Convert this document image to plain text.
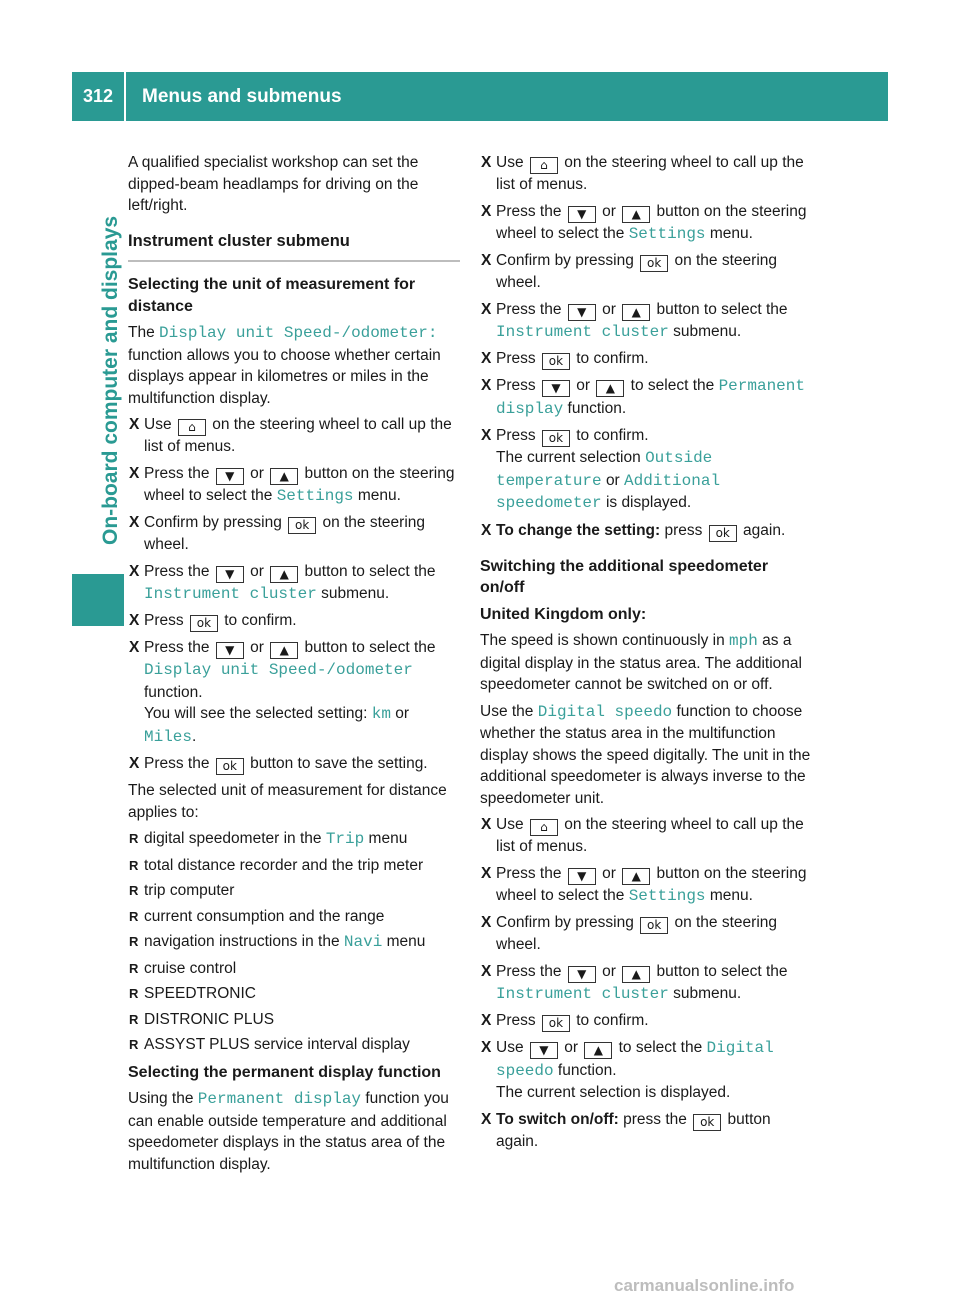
312	Menus and submenus
On-board computer and displays

A qualified specialist workshop can set the dipped-beam headlamps for driving on the left/right.

Instrument cluster submenu
Selecting the unit of measurement for distance

The Display unit Speed-/odometer: function allows you to choose whether certain displays appear in kilometres or miles in the multifunction display.

X Use ⌂ on the steering wheel to call up the list of menus.
X Press the ▼ or ▲ button on the steering wheel to select the Settings menu.
X Confirm by pressing ok on the steering wheel.
X Press the ▼ or ▲ button to select the Instrument cluster submenu.
X Press ok to confirm.
X Press the ▼ or ▲ button to select the Display unit Speed-/odometer function.
You will see the selected setting: km or Miles.
X Press the ok button to save the setting.

The selected unit of measurement for distance applies to:

R digital speedometer in the Trip menu
R total distance recorder and the trip meter
R trip computer
R current consumption and the range
R navigation instructions in the Navi menu
R cruise control
R SPEEDTRONIC
R DISTRONIC PLUS
R ASSYST PLUS service interval display
Selecting the permanent display function

Using the Permanent display function you can enable outside temperature and additional speedometer displays in the status area of the multifunction display.

X Use ⌂ on the steering wheel to call up the list of menus.
X Press the ▼ or ▲ button on the steering wheel to select the Settings menu.
X Confirm by pressing ok on the steering wheel.
X Press the ▼ or ▲ button to select the Instrument cluster submenu.
X Press ok to confirm.
X Press ▼ or ▲ to select the Permanent display function.
X Press ok to confirm.
The current selection Outside temperature or Additional speedometer is displayed.
X To change the setting: press ok again.
Switching the additional speedometer on/off
United Kingdom only:

The speed is shown continuously in mph as a digital display in the status area. The additional speedometer cannot be switched on or off.

Use the Digital speedo function to choose whether the status area in the multifunction display shows the speed digitally. The unit in the additional speedometer is always inverse to the speedometer unit.

X Use ⌂ on the steering wheel to call up the list of menus.
X Press the ▼ or ▲ button on the steering wheel to select the Settings menu.
X Confirm by pressing ok on the steering wheel.
X Press the ▼ or ▲ button to select the Instrument cluster submenu.
X Press ok to confirm.
X Use ▼ or ▲ to select the Digital speedo function.
The current selection is displayed.
X To switch on/off: press the ok button again.
carmanualsonline.info
